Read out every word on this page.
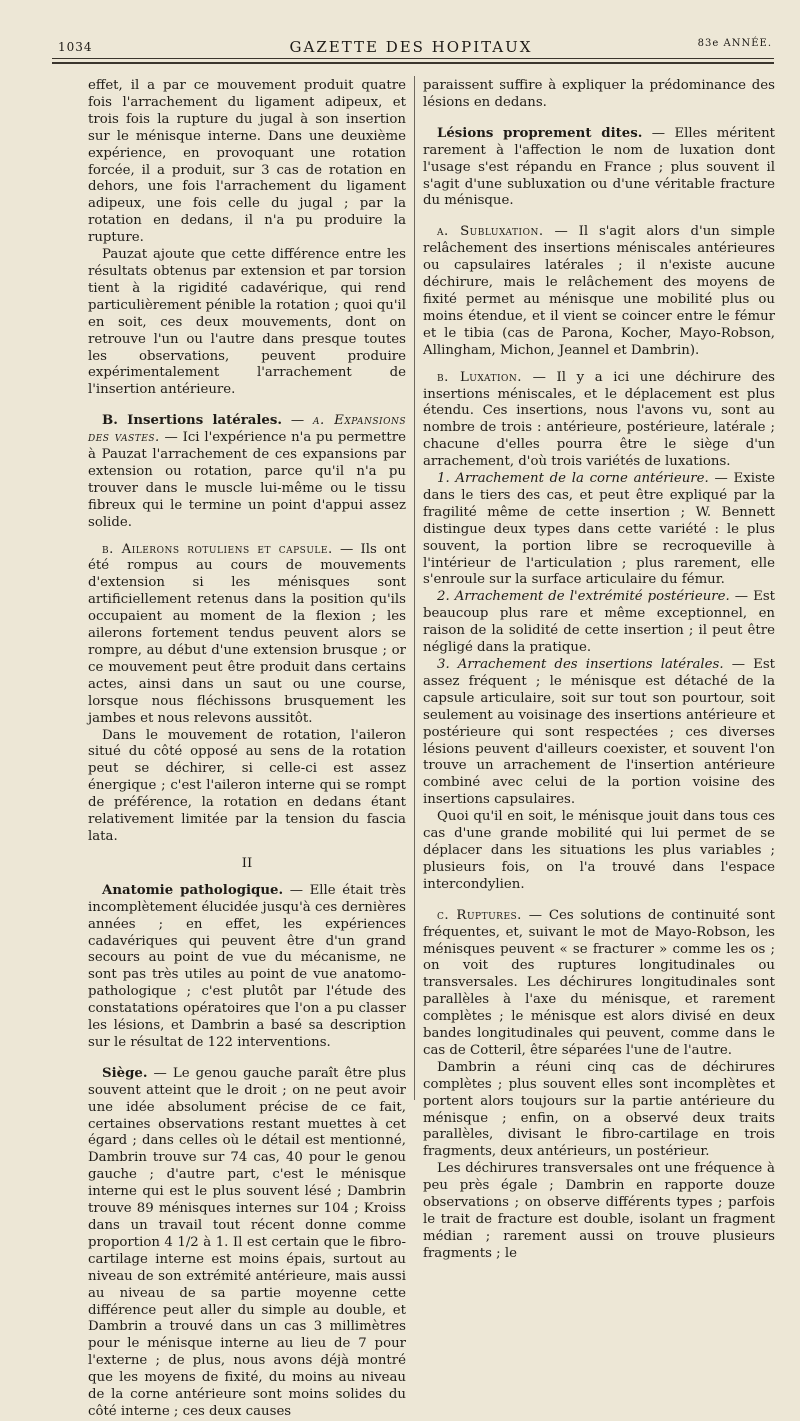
1034	GAZETTE DES HOPITAUX	83e ANNÉE.

effet, il a par ce mouvement produit quatre fois l'arrachement du ligament adipeux, et trois fois la rupture du jugal à son insertion sur le ménisque interne. Dans une deuxième expérience, en provoquant une rotation forcée, il a produit, sur 3 cas de rotation en dehors, une fois l'arrachement du ligament adipeux, une fois celle du jugal ; par la rotation en dedans, il n'a pu produire la rupture.

Pauzat ajoute que cette différence entre les résultats obtenus par extension et par torsion tient à la rigidité cadavérique, qui rend particulièrement pénible la rotation ; quoi qu'il en soit, ces deux mouvements, dont on retrouve l'un ou l'autre dans presque toutes les observations, peuvent produire expérimentalement l'arrachement de l'insertion antérieure.

B. Insertions latérales. — a. Expansions des vastes. — Ici l'expérience n'a pu permettre à Pauzat l'arrachement de ces expansions par extension ou rotation, parce qu'il n'a pu trouver dans le muscle lui-même ou le tissu fibreux qui le termine un point d'appui assez solide.

b. Ailerons rotuliens et capsule. — Ils ont été rompus au cours de mouvements d'extension si les ménisques sont artificiellement retenus dans la position qu'ils occupaient au moment de la flexion ; les ailerons fortement tendus peuvent alors se rompre, au début d'une extension brusque ; or ce mouvement peut être produit dans certains actes, ainsi dans un saut ou une course, lorsque nous fléchissons brusquement les jambes et nous relevons aussitôt.

Dans le mouvement de rotation, l'aileron situé du côté opposé au sens de la rotation peut se déchirer, si celle-ci est assez énergique ; c'est l'aileron interne qui se rompt de préférence, la rotation en dedans étant relativement limitée par la tension du fascia lata.

II

Anatomie pathologique. — Elle était très incomplètement élucidée jusqu'à ces dernières années ; en effet, les expériences cadavériques qui peuvent être d'un grand secours au point de vue du mécanisme, ne sont pas très utiles au point de vue anatomo-pathologique ; c'est plutôt par l'étude des constatations opératoires que l'on a pu classer les lésions, et Dambrin a basé sa description sur le résultat de 122 interventions.

Siège. — Le genou gauche paraît être plus souvent atteint que le droit ; on ne peut avoir une idée absolument précise de ce fait, certaines observations restant muettes à cet égard ; dans celles où le détail est mentionné, Dambrin trouve sur 74 cas, 40 pour le genou gauche ; d'autre part, c'est le ménisque interne qui est le plus souvent lésé ; Dambrin trouve 89 ménisques internes sur 104 ; Kroiss dans un travail tout récent donne comme proportion 4 1/2 à 1. Il est certain que le fibro-cartilage interne est moins épais, surtout au niveau de son extrémité antérieure, mais aussi au niveau de sa partie moyenne cette différence peut aller du simple au double, et Dambrin a trouvé dans un cas 3 millimètres pour le ménisque interne au lieu de 7 pour l'externe ; de plus, nous avons déjà montré que les moyens de fixité, du moins au niveau de la corne antérieure sont moins solides du côté interne ; ces deux causes

paraissent suffire à expliquer la prédominance des lésions en dedans.

Lésions proprement dites. — Elles méritent rarement à l'affection le nom de luxation dont l'usage s'est répandu en France ; plus souvent il s'agit d'une subluxation ou d'une véritable fracture du ménisque.

a. Subluxation. — Il s'agit alors d'un simple relâchement des insertions méniscales antérieures ou capsulaires latérales ; il n'existe aucune déchirure, mais le relâchement des moyens de fixité permet au ménisque une mobilité plus ou moins étendue, et il vient se coincer entre le fémur et le tibia (cas de Parona, Kocher, Mayo-Robson, Allingham, Michon, Jeannel et Dambrin).

b. Luxation. — Il y a ici une déchirure des insertions méniscales, et le déplacement est plus étendu. Ces insertions, nous l'avons vu, sont au nombre de trois : antérieure, postérieure, latérale ; chacune d'elles pourra être le siège d'un arrachement, d'où trois variétés de luxations.

1. Arrachement de la corne antérieure. — Existe dans le tiers des cas, et peut être expliqué par la fragilité même de cette insertion ; W. Bennett distingue deux types dans cette variété : le plus souvent, la portion libre se recroqueville à l'intérieur de l'articulation ; plus rarement, elle s'enroule sur la surface articulaire du fémur.

2. Arrachement de l'extrémité postérieure. — Est beaucoup plus rare et même exceptionnel, en raison de la solidité de cette insertion ; il peut être négligé dans la pratique.

3. Arrachement des insertions latérales. — Est assez fréquent ; le ménisque est détaché de la capsule articulaire, soit sur tout son pourtour, soit seulement au voisinage des insertions antérieure et postérieure qui sont respectées ; ces diverses lésions peuvent d'ailleurs coexister, et souvent l'on trouve un arrachement de l'insertion antérieure combiné avec celui de la portion voisine des insertions capsulaires.

Quoi qu'il en soit, le ménisque jouit dans tous ces cas d'une grande mobilité qui lui permet de se déplacer dans les situations les plus variables ; plusieurs fois, on l'a trouvé dans l'espace intercondylien.

c. Ruptures. — Ces solutions de continuité sont fréquentes, et, suivant le mot de Mayo-Robson, les ménisques peuvent « se fracturer » comme les os ; on voit des ruptures longitudinales ou transversales. Les déchirures longitudinales sont parallèles à l'axe du ménisque, et rarement complètes ; le ménisque est alors divisé en deux bandes longitudinales qui peuvent, comme dans le cas de Cotteril, être séparées l'une de l'autre.

Dambrin a réuni cinq cas de déchirures complètes ; plus souvent elles sont incomplètes et portent alors toujours sur la partie antérieure du ménisque ; enfin, on a observé deux traits parallèles, divisant le fibro-cartilage en trois fragments, deux antérieurs, un postérieur.

Les déchirures transversales ont une fréquence à peu près égale ; Dambrin en rapporte douze observations ; on observe différents types ; parfois le trait de fracture est double, isolant un fragment médian ; rarement aussi on trouve plusieurs fragments ; le
